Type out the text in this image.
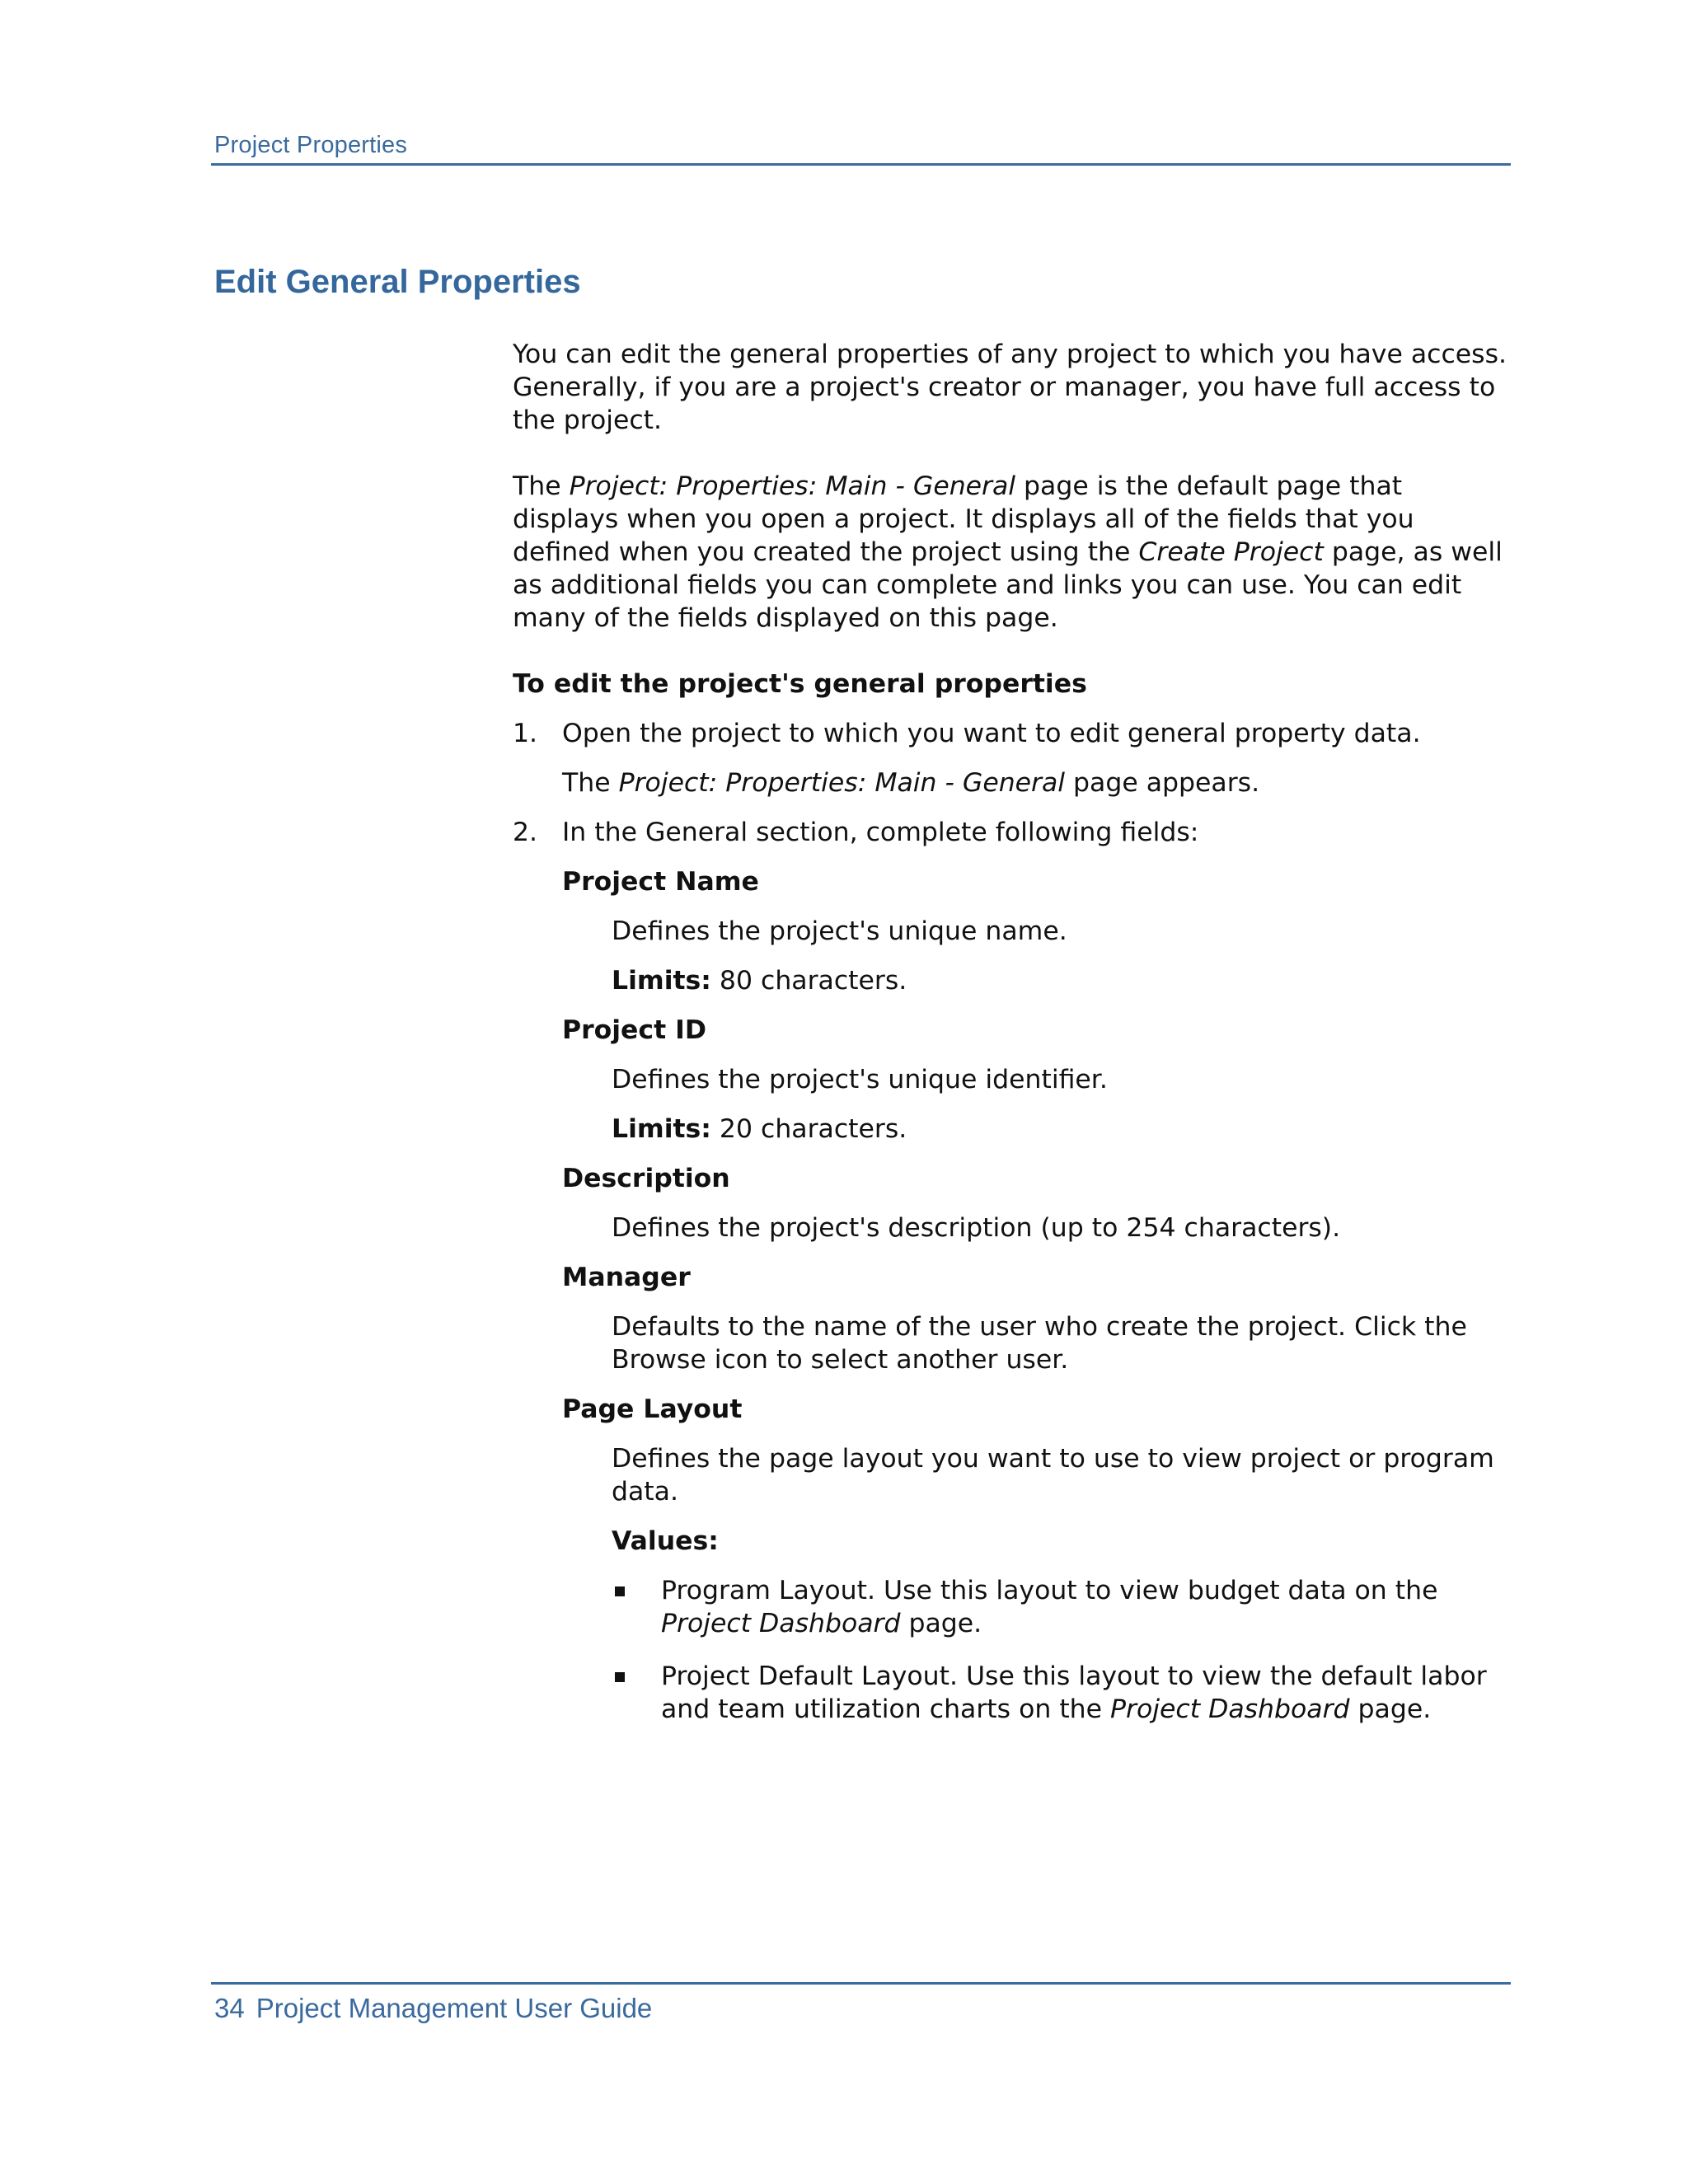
Project Properties
Edit General Properties

You can edit the general properties of any project to which you have access. Generally, if you are a project's creator or manager, you have full access to the project.

The Project: Properties: Main - General page is the default page that displays when you open a project. It displays all of the fields that you defined when you created the project using the Create Project page, as well as additional fields you can complete and links you can use. You can edit many of the fields displayed on this page.

To edit the project's general properties

1. Open the project to which you want to edit general property data.

The Project: Properties: Main - General page appears.

2. In the General section, complete following fields:

Project Name

Defines the project's unique name.

Limits: 80 characters.

Project ID

Defines the project's unique identifier.

Limits: 20 characters.

Description

Defines the project's description (up to 254 characters).

Manager

Defaults to the name of the user who create the project. Click the Browse icon to select another user.

Page Layout

Defines the page layout you want to use to view project or program data.

Values:

Program Layout. Use this layout to view budget data on the Project Dashboard page.

Project Default Layout. Use this layout to view the default labor and team utilization charts on the Project Dashboard page.

34 Project Management User Guide
